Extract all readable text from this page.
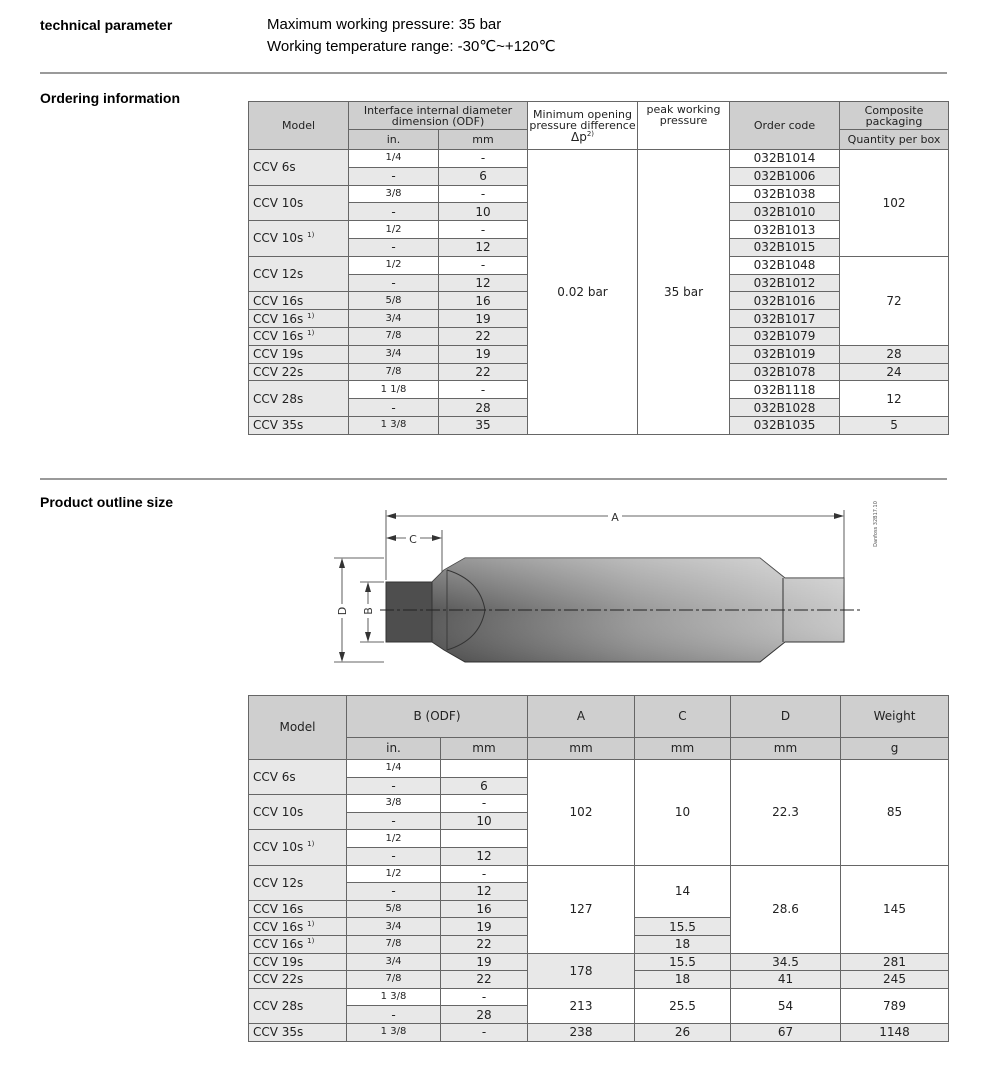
technical parameter	Maximum working pressure: 35 bar
Working temperature range: -30℃~+120℃
Ordering information
Model	Interface internal diameter dimension (ODF)		Minimum opening pressure difference
$\Delta p^{2)}$	peak working pressure	Order code	Composite packaging
	in.	mm				Quantity per box
CCV 6s	1/4	-	0.02 bar	35 bar	032B1014	102
	-	6			032B1006	
CCV 10s	3/8	-			032B1038	
	-	10			032B1010	
CCV 10s $^{1)}$	1/2	-			032B1013	
	-	12			032B1015	
CCV 12s	1/2	-			032B1048	72
	-	12			032B1012	
CCV 16s	5/8	16			032B1016	
CCV 16s $^{1)}$	3/4	19			032B1017	
CCV 16s $^{1)}$	7/8	22			032B1079	
CCV 19s	3/4	19			032B1019	28
CCV 22s	7/8	22			032B1078	24
CCV 28s	1 1/8	-			032B1118	12
	-	28			032B1028	
CCV 35s	1 3/8	35			032B1035	5
Product outline size
A
C
D B
Danfoss 32B17.10
Model	B (ODF)		A	C	D	Weight
	in.	mm	mm	mm	mm	g
CCV 6s	1/4		102	10	22.3	85
	-	6				
CCV 10s	3/8	-				
	-	10				
CCV 10s $^{1)}$	1/2					
	-	12				
CCV 12s	1/2	-	127	14	28.6	145
	-	12				
CCV 16s	5/8	16				
CCV 16s $^{1)}$	3/4	19		15.5		
CCV 16s $^{1)}$	7/8	22		18		
CCV 19s	3/4	19	178	15.5	34.5	281
CCV 22s	7/8	22		18	41	245
CCV 28s	1 3/8	-	213	25.5	54	789
	-	28				
CCV 35s	1 3/8	-	238	26	67	1148
